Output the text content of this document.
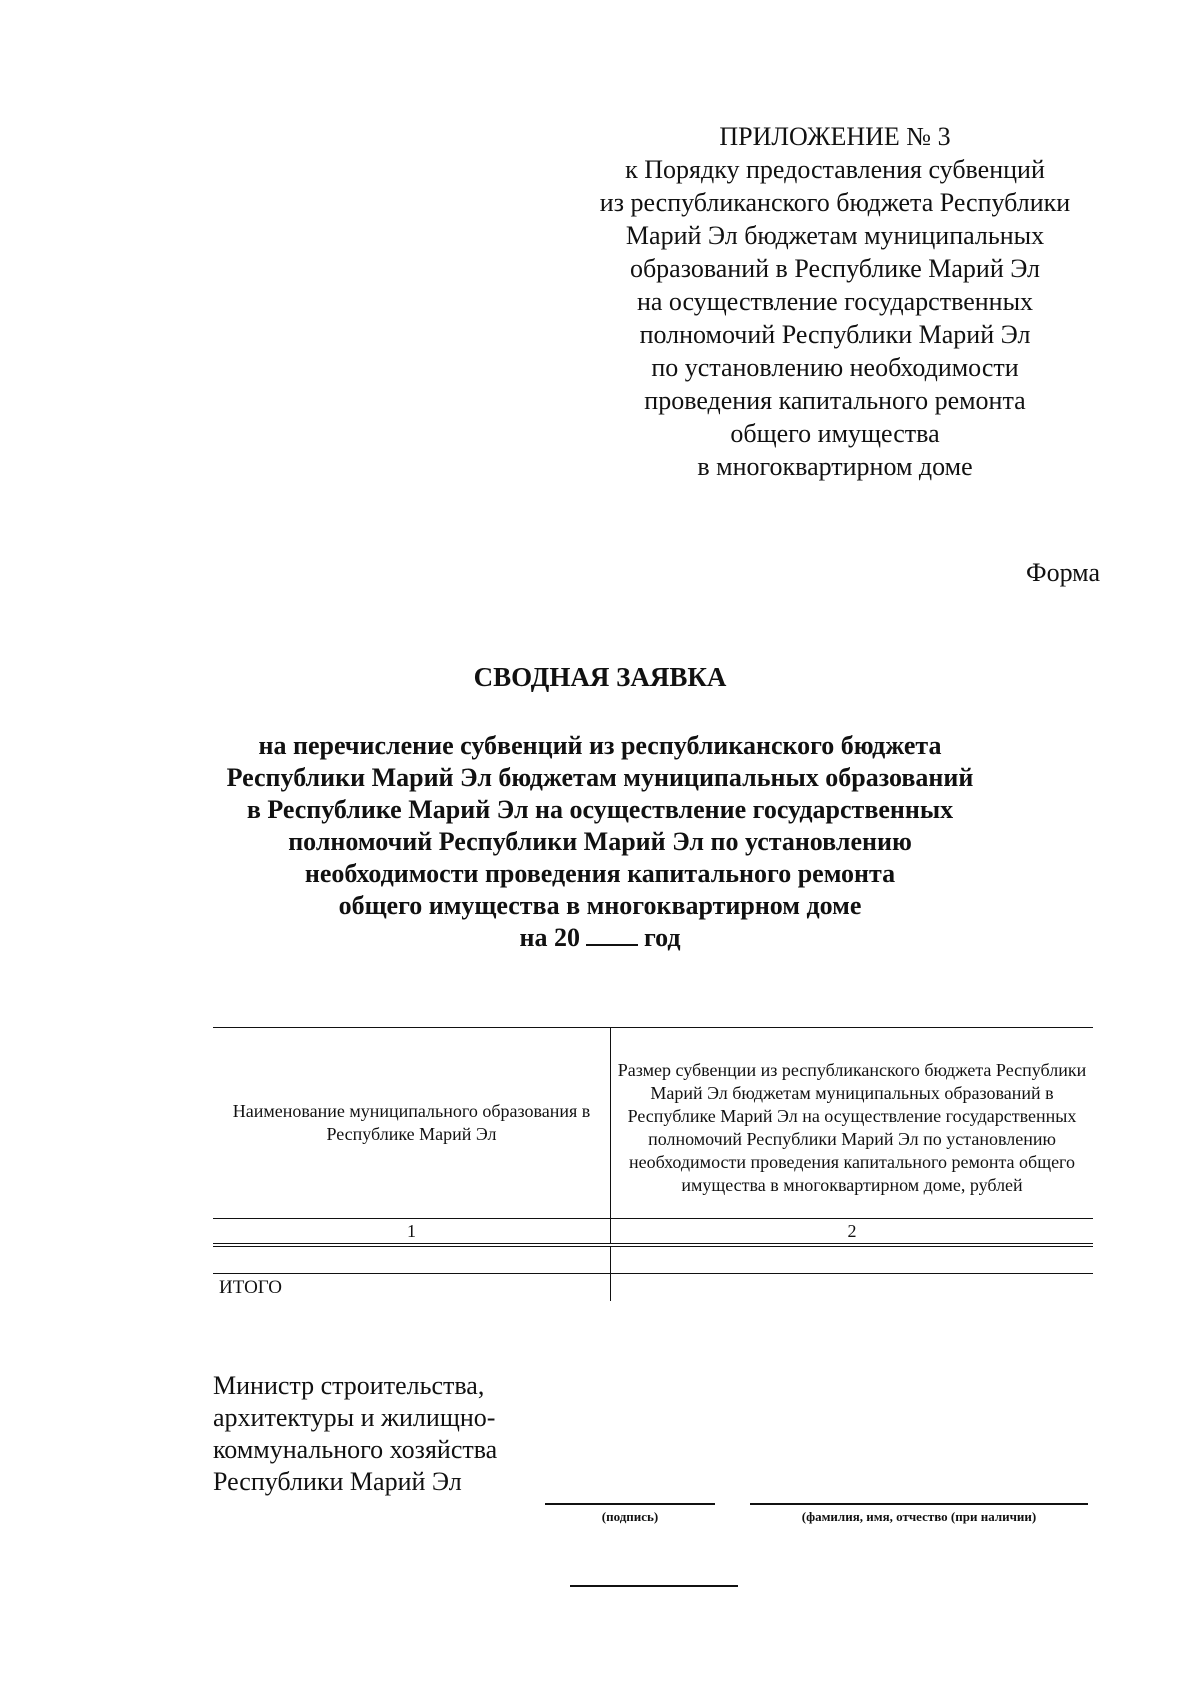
ПРИЛОЖЕНИЕ № 3
к Порядку предоставления субвенций
из республиканского бюджета Республики
Марий Эл бюджетам муниципальных
образований в Республике Марий Эл
на осуществление государственных
полномочий Республики Марий Эл
по установлению необходимости
проведения капитального ремонта
общего имущества
в многоквартирном доме
Форма
СВОДНАЯ ЗАЯВКА
на перечисление субвенций из республиканского бюджета
Республики Марий Эл бюджетам муниципальных образований
в Республике Марий Эл на осуществление государственных
полномочий Республики Марий Эл по установлению
необходимости проведения капитального ремонта
общего имущества в многоквартирном доме
на 20 год
Наименование муниципального образования в Республике Марий Эл	Размер субвенции из республиканского бюджета Республики Марий Эл бюджетам муниципальных образований в Республике Марий Эл на осуществление государственных полномочий Республики Марий Эл по установлению необходимости проведения капитального ремонта общего имущества в многоквартирном доме, рублей
1	2

ИТОГО	
Министр строительства,
архитектуры и жилищно-
коммунального хозяйства
Республики Марий Эл
(подпись)	(фамилия, имя, отчество (при наличии)
